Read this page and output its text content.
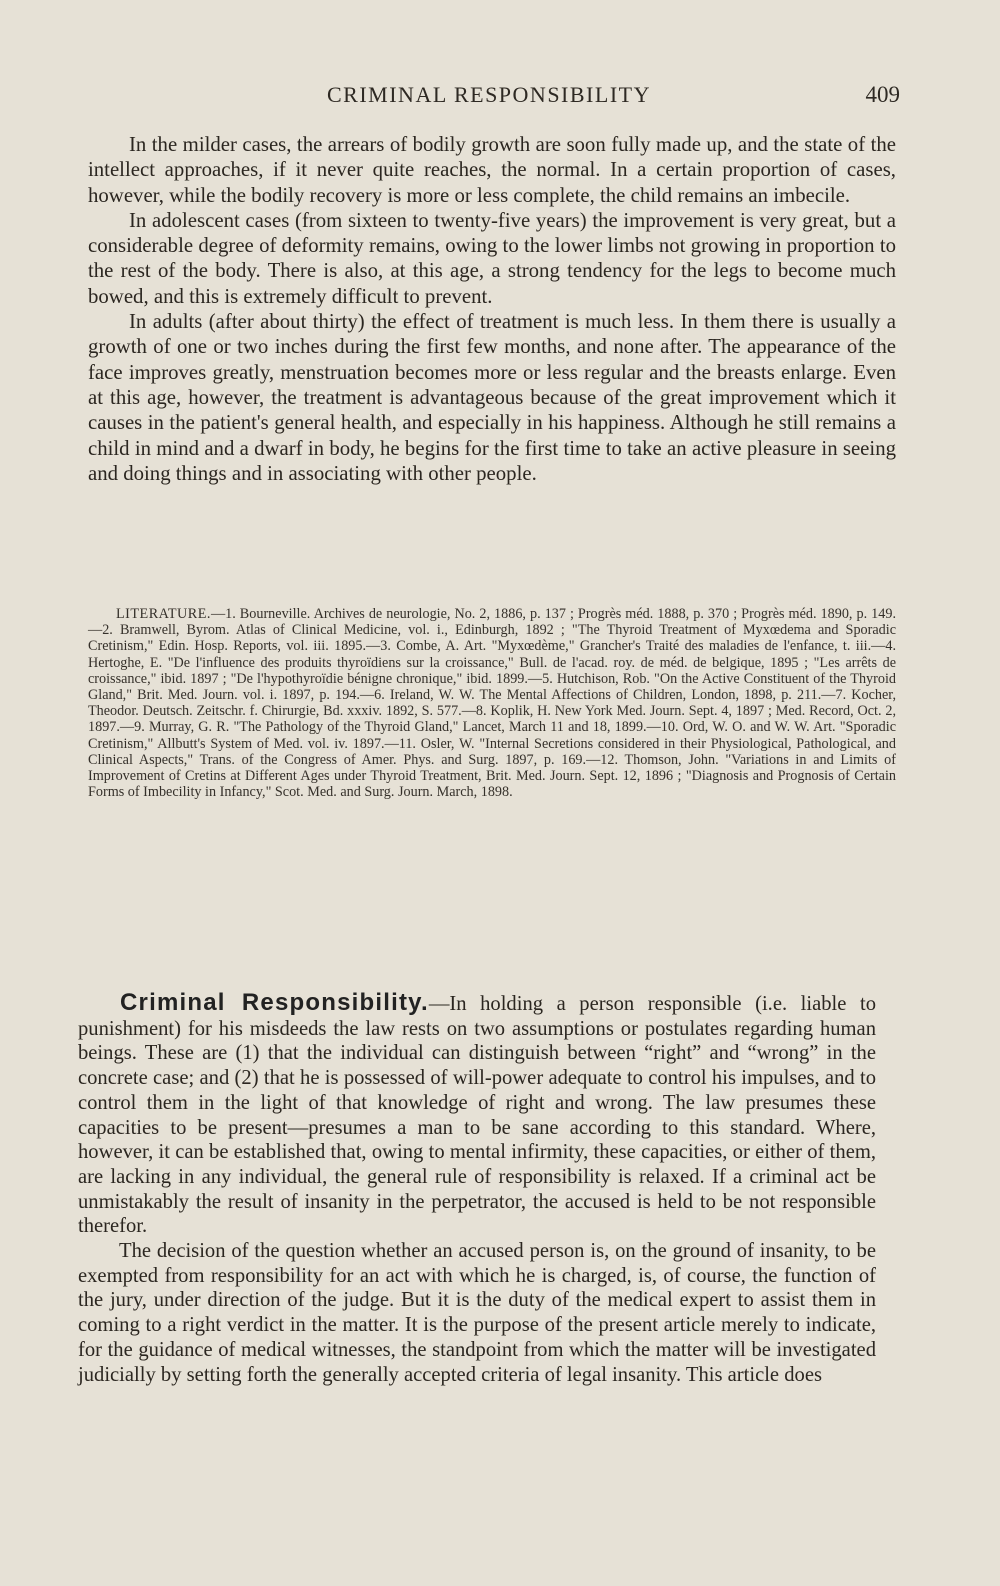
CRIMINAL RESPONSIBILITY	409

In the milder cases, the arrears of bodily growth are soon fully made up, and the state of the intellect approaches, if it never quite reaches, the normal. In a certain proportion of cases, however, while the bodily recovery is more or less complete, the child remains an imbecile.

In adolescent cases (from sixteen to twenty-five years) the improvement is very great, but a considerable degree of deformity remains, owing to the lower limbs not growing in proportion to the rest of the body. There is also, at this age, a strong tendency for the legs to become much bowed, and this is extremely difficult to prevent.

In adults (after about thirty) the effect of treatment is much less. In them there is usually a growth of one or two inches during the first few months, and none after. The appearance of the face improves greatly, menstruation becomes more or less regular and the breasts enlarge. Even at this age, however, the treatment is advantageous because of the great improvement which it causes in the patient's general health, and especially in his happiness. Although he still remains a child in mind and a dwarf in body, he begins for the first time to take an active pleasure in seeing and doing things and in associating with other people.

LITERATURE.—1. Bourneville. Archives de neurologie, No. 2, 1886, p. 137 ; Progrès méd. 1888, p. 370 ; Progrès méd. 1890, p. 149.—2. Bramwell, Byrom. Atlas of Clinical Medicine, vol. i., Edinburgh, 1892 ; "The Thyroid Treatment of Myxœdema and Sporadic Cretinism," Edin. Hosp. Reports, vol. iii. 1895.—3. Combe, A. Art. "Myxœdème," Grancher's Traité des maladies de l'enfance, t. iii.—4. Hertoghe, E. "De l'influence des produits thyroïdiens sur la croissance," Bull. de l'acad. roy. de méd. de belgique, 1895 ; "Les arrêts de croissance," ibid. 1897 ; "De l'hypothyroïdie bénigne chronique," ibid. 1899.—5. Hutchison, Rob. "On the Active Constituent of the Thyroid Gland," Brit. Med. Journ. vol. i. 1897, p. 194.—6. Ireland, W. W. The Mental Affections of Children, London, 1898, p. 211.—7. Kocher, Theodor. Deutsch. Zeitschr. f. Chirurgie, Bd. xxxiv. 1892, S. 577.—8. Koplik, H. New York Med. Journ. Sept. 4, 1897 ; Med. Record, Oct. 2, 1897.—9. Murray, G. R. "The Pathology of the Thyroid Gland," Lancet, March 11 and 18, 1899.—10. Ord, W. O. and W. W. Art. "Sporadic Cretinism," Allbutt's System of Med. vol. iv. 1897.—11. Osler, W. "Internal Secretions considered in their Physiological, Pathological, and Clinical Aspects," Trans. of the Congress of Amer. Phys. and Surg. 1897, p. 169.—12. Thomson, John. "Variations in and Limits of Improvement of Cretins at Different Ages under Thyroid Treatment, Brit. Med. Journ. Sept. 12, 1896 ; "Diagnosis and Prognosis of Certain Forms of Imbecility in Infancy," Scot. Med. and Surg. Journ. March, 1898.

Criminal Responsibility.—In holding a person responsible (i.e. liable to punishment) for his misdeeds the law rests on two assumptions or postulates regarding human beings. These are (1) that the individual can distinguish between “right” and “wrong” in the concrete case; and (2) that he is possessed of will-power adequate to control his impulses, and to control them in the light of that knowledge of right and wrong. The law presumes these capacities to be present—presumes a man to be sane according to this standard. Where, however, it can be established that, owing to mental infirmity, these capacities, or either of them, are lacking in any individual, the general rule of responsibility is relaxed. If a criminal act be unmistakably the result of insanity in the perpetrator, the accused is held to be not responsible therefor.

The decision of the question whether an accused person is, on the ground of insanity, to be exempted from responsibility for an act with which he is charged, is, of course, the function of the jury, under direction of the judge. But it is the duty of the medical expert to assist them in coming to a right verdict in the matter. It is the purpose of the present article merely to indicate, for the guidance of medical witnesses, the standpoint from which the matter will be investigated judicially by setting forth the generally accepted criteria of legal insanity. This article does
